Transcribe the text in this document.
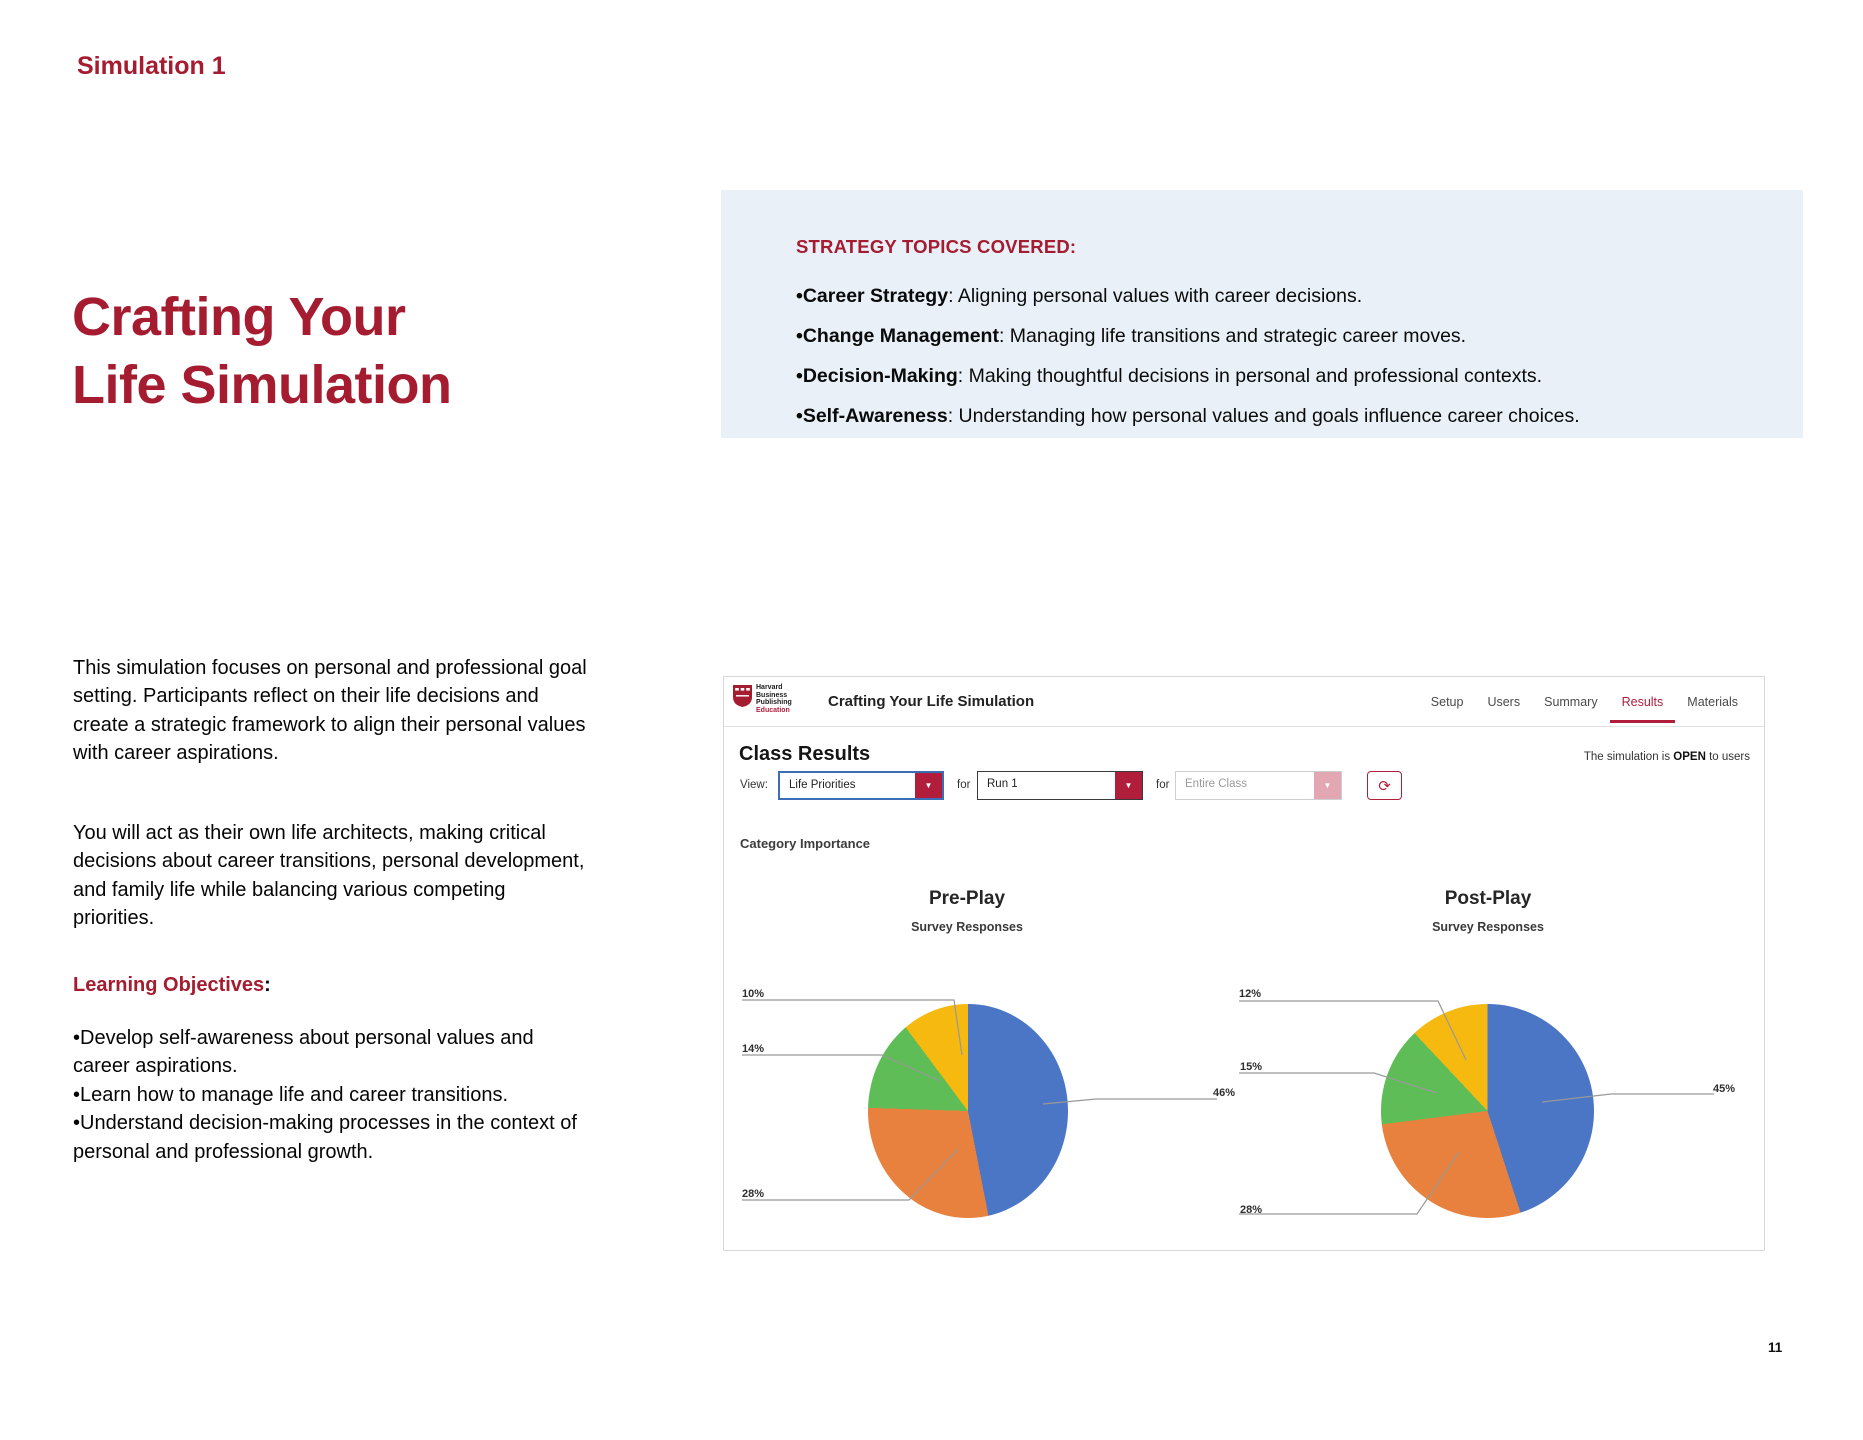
Simulation 1
Crafting Your
Life Simulation
STRATEGY TOPICS COVERED:
•Career Strategy: Aligning personal values with career decisions.
•Change Management: Managing life transitions and strategic career moves.
•Decision-Making: Making thoughtful decisions in personal and professional contexts.
•Self-Awareness: Understanding how personal values and goals influence career choices.

This simulation focuses on personal and professional goal setting. Participants reflect on their life decisions and create a strategic framework to align their personal values with career aspirations.

You will act as their own life architects, making critical decisions about career transitions, personal development, and family life while balancing various competing priorities.

Learning Objectives:
•Develop self-awareness about personal values and career aspirations.
•Learn how to manage life and career transitions.
•Understand decision-making processes in the context of personal and professional growth.
Harvard
Business
Publishing
Education	Crafting Your Life Simulation	Setup Users Summary Results Materials
Class Results	The simulation is OPEN to users
View:	Life Priorities	▼	for	Run 1	▼	for	Entire Class	▼	⟳
Category Importance
Pre-Play
Survey Responses
Post-Play
Survey Responses
10%
14%
28%
46%
12%
15%
28%
45%
11
